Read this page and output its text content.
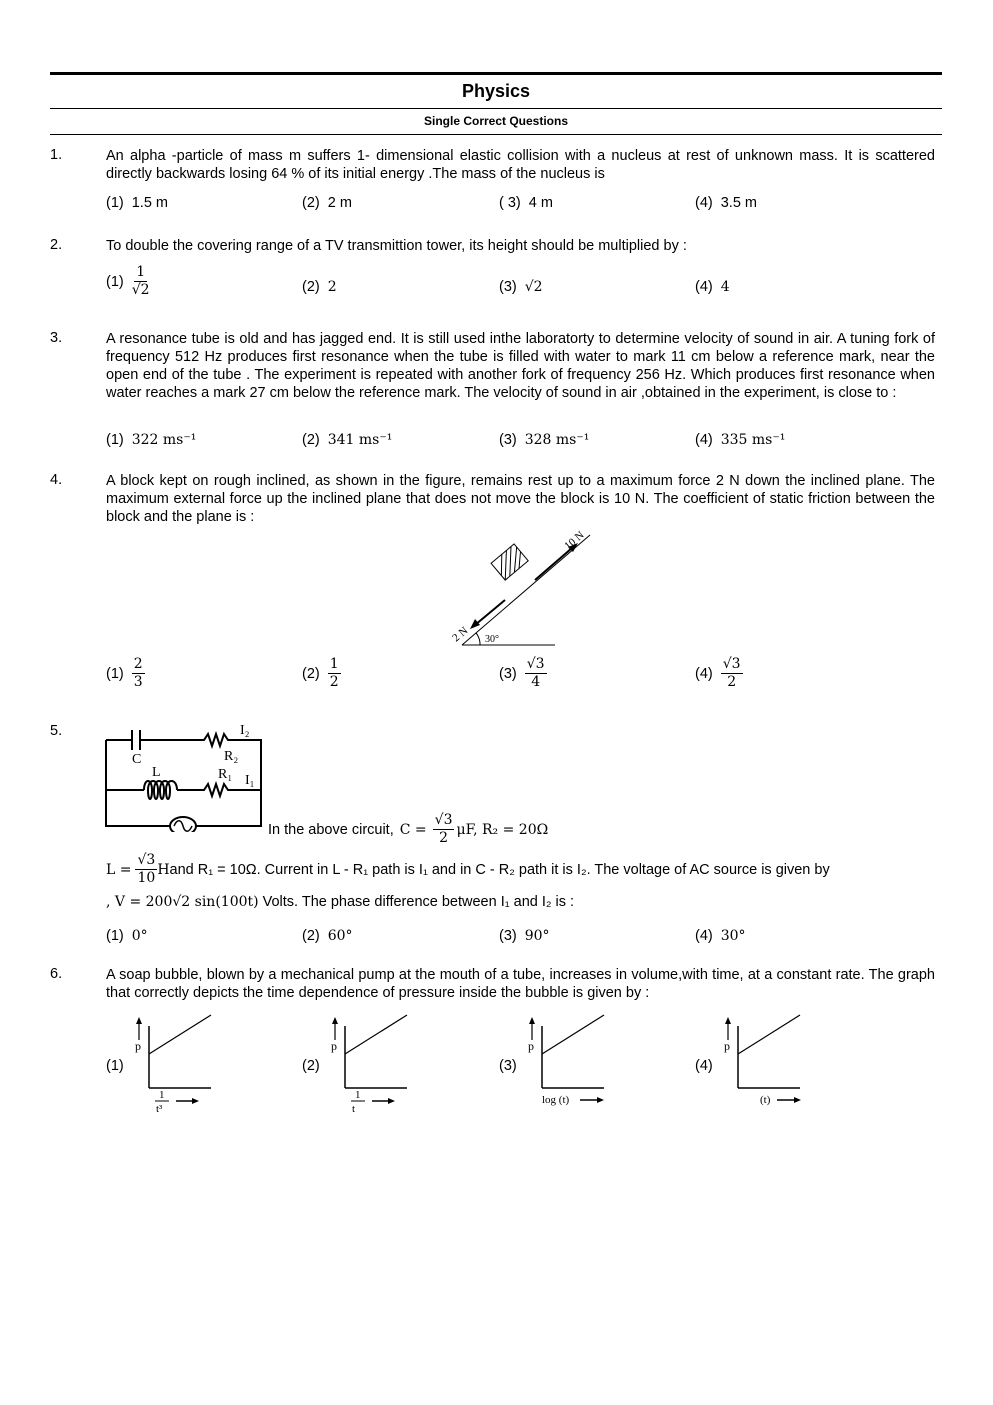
Physics
Single Correct Questions
1.	An alpha -particle of mass m suffers 1- dimensional elastic collision with a nucleus at rest of unknown mass. It is scattered directly backwards losing 64 % of its initial energy .The mass of the nucleus is
(1) 1.5 m	(2) 2 m	( 3) 4 m	(4) 3.5 m
2.	To double the covering range of a TV transmittion tower, its height should be multiplied by :
$(1) \frac{1}{√2}$	(2) 2	(3) √2	(4) 4
3.	A resonance tube is old and has jagged end. It is still used inthe laboratorty to determine velocity of sound in air. A tuning fork of frequency 512 Hz produces first resonance when the tube is filled with water to mark 11 cm below a reference mark, near the open end of the tube . The experiment is repeated with another fork of frequency 256 Hz. Which produces first resonance when water reaches a mark 27 cm below the reference mark. The velocity of sound in air ,obtained in the experiment, is close to :
(1) 322 ms⁻¹	(2) 341 ms⁻¹	(3) 328 ms⁻¹	(4) 335 ms⁻¹
4.	A block kept on rough inclined, as shown in the figure, remains rest up to a maximum force 2 N down the inclined plane. The maximum external force up the inclined plane that does not move the block is 10 N. The coefficient of static friction between the block and the plane is :
10 N
2 N 30°
$(1) \frac{2}{3}$	$(2) \frac{1}{2}$	$(3) \frac{√3}{4}$	$(4) \frac{√3}{2}$
5.	I₂
C	R₂
L	R₁ I₁
In the above circuit, $C = \frac{√3}{2} \mu F$, R₂ = 20Ω
$L = \frac{√3}{10}$ H and R₁ = 10Ω. Current in L - R₁ path is I₁ and in C - R₂ path it is I₂. The voltage of AC source is given by
, V = 200√2 sin(100t) Volts. The phase difference between I₁ and I₂ is :
(1) 0°	(2) 60°	(3) 90°	(4) 30°
6.	A soap bubble, blown by a mechanical pump at the mouth of a tube, increases in volume,with time, at a constant rate. The graph that correctly depicts the time dependence of pressure inside the bubble is given by :
(1)
p
1
t³
(2)
p
1
t
(3)
p
log (t)
(4)
p
(t)
